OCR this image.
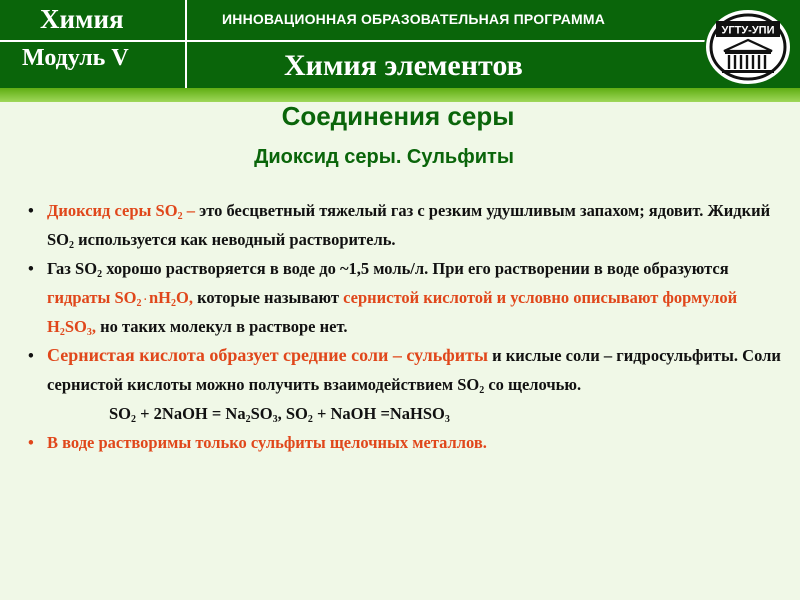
Химия
Модуль V
ИННОВАЦИОННАЯ ОБРАЗОВАТЕЛЬНАЯ ПРОГРАММА
Химия элементов
УГТУ-УПИ
Соединения серы
Диоксид серы. Сульфиты

• Диоксид серы $SO_2$ – это бесцветный тяжелый газ с резким удушливым запахом; ядовит. Жидкий $SO_2$ используется как неводный растворитель.

• Газ $SO_2$ хорошо растворяется в воде до ~1,5 моль/л. При его растворении в воде образуются гидраты $SO_2$ . $nH_2O$, которые называют сернистой кислотой и условно описывают формулой $H_2SO_3$, но таких молекул в растворе нет.

• Сернистая кислота образует средние соли – сульфиты и кислые соли – гидросульфиты. Соли сернистой кислоты можно получить взаимодействием $SO_2$ со щелочью.

$SO_2$ + 2NaOH = $Na_2SO_3$, $SO_2$ + NaOH =NaHSO$_3$

• В воде растворимы только сульфиты щелочных металлов.
